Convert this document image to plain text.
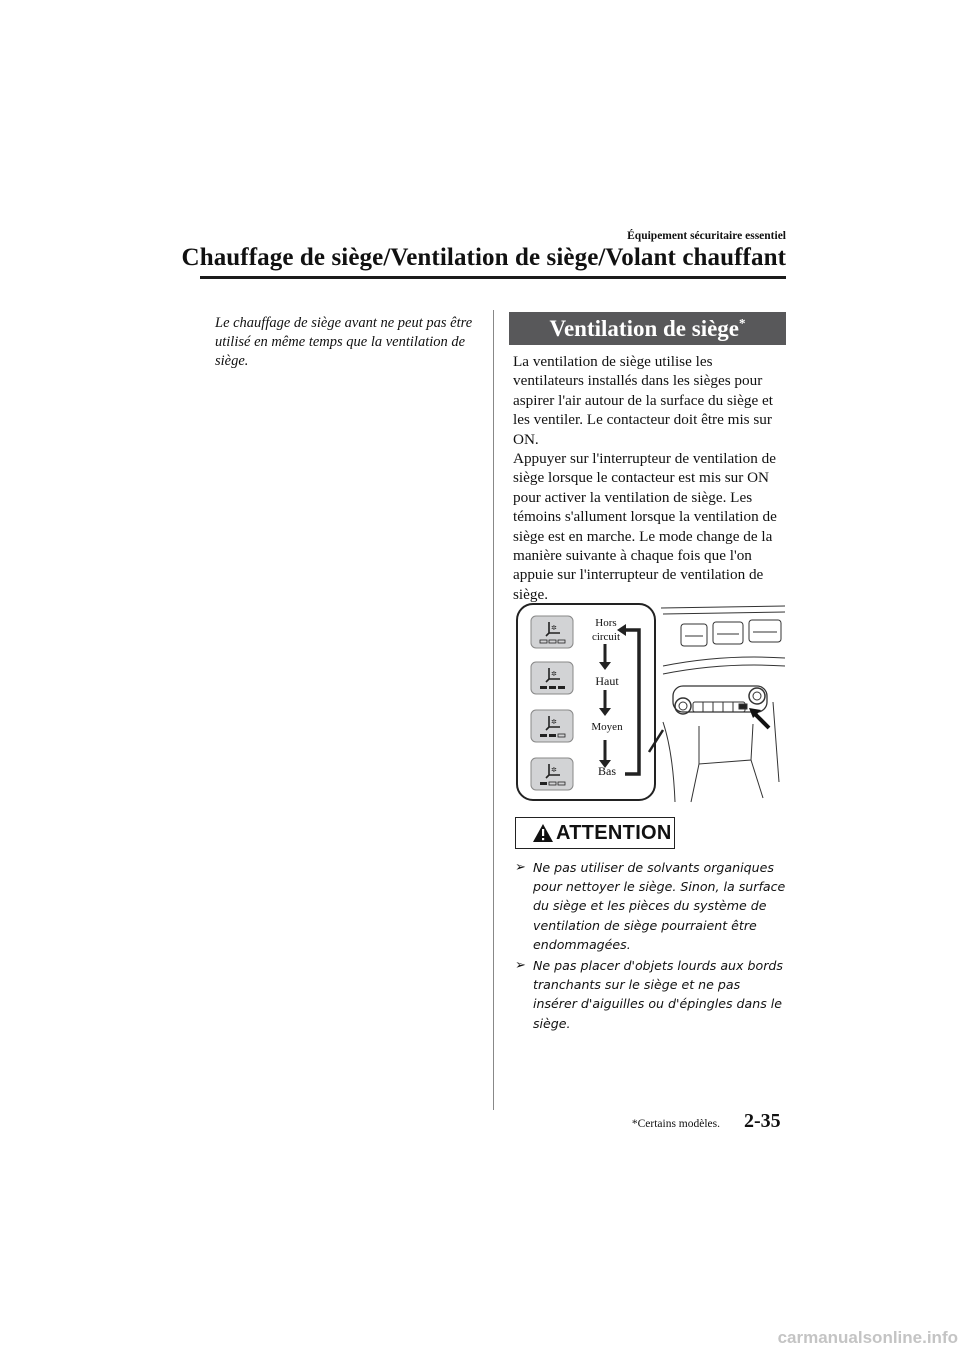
Équipement sécuritaire essentiel
Chauffage de siège/Ventilation de siège/Volant chauffant
Le chauffage de siège avant ne peut pas être utilisé en même temps que la ventilation de siège.
Ventilation de siège*

La ventilation de siège utilise les ventilateurs installés dans les sièges pour aspirer l'air autour de la surface du siège et les ventiler. Le contacteur doit être mis sur ON.

Appuyer sur l'interrupteur de ventilation de siège lorsque le contacteur est mis sur ON pour activer la ventilation de siège. Les témoins s'allument lorsque la ventilation de siège est en marche. Le mode change de la manière suivante à chaque fois que l'on appuie sur l'interrupteur de ventilation de siège.

✲
✲
✲
✲
Hors
circuit
Haut
Moyen
Bas
ATTENTION
➢ Ne pas utiliser de solvants organiques pour nettoyer le siège. Sinon, la surface du siège et les pièces du système de ventilation de siège pourraient être endommagées.
➢ Ne pas placer d'objets lourds aux bords tranchants sur le siège et ne pas insérer d'aiguilles ou d'épingles dans le siège.
*Certains modèles. 2-35
carmanualsonline.info
